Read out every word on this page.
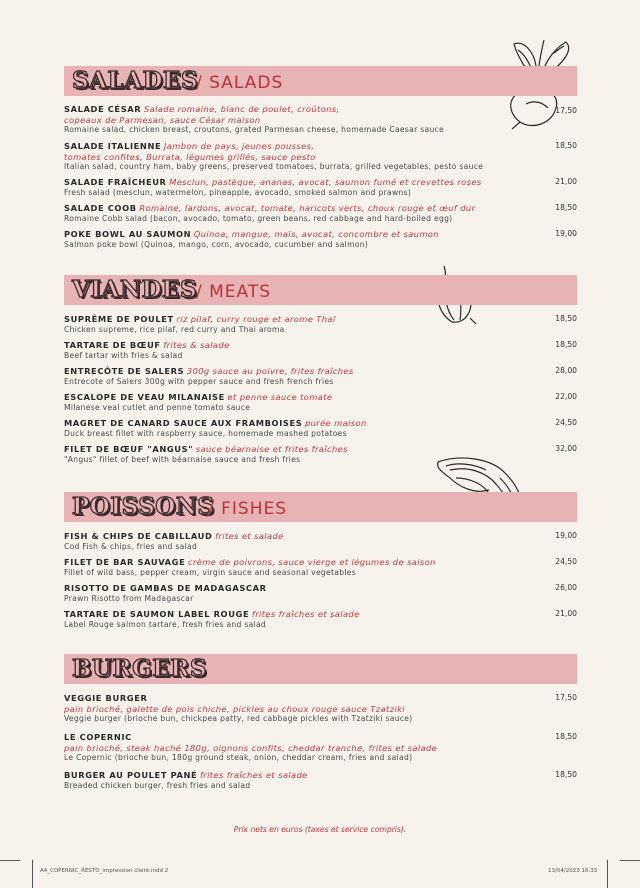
SALADES
/ SALADS
SALADE CÉSAR Salade romaine, blanc de poulet, croûtons,
copeaux de Parmesan, sauce César maison
Romaine salad, chicken breast, croutons, grated Parmesan cheese, homemade Caesar sauce
17,50
SALADE ITALIENNE Jambon de pays, jeunes pousses,
tomates confites, Burrata, légumes grillés, sauce pesto
Italian salad, country ham, baby greens, preserved tomatoes, burrata, grilled vegetables, pesto sauce
18,50
SALADE FRAÎCHEUR Mesclun, pastèque, ananas, avocat, saumon fumé et crevettes roses
Fresh salad (mesclun, watermelon, pineapple, avocado, smoked salmon and prawns)
21,00
SALADE COOB Romaine, lardons, avocat, tomate, haricots verts, choux rouge et œuf dur
Romaine Cobb salad (bacon, avocado, tomato, green beans, red cabbage and hard-boiled egg)
18,50
POKE BOWL AU SAUMON Quinoa, mangue, maïs, avocat, concombre et saumon
Salmon poke bowl (Quinoa, mango, corn, avocado, cucumber and salmon)
19,00
VIANDES
/ MEATS
SUPRÊME DE POULET riz pilaf, curry rouge et arome Thaï
Chicken supreme, rice pilaf, red curry and Thai aroma
18,50
TARTARE DE BŒUF frites & salade
Beef tartar with fries & salad
18,50
ENTRECÔTE DE SALERS 300g sauce au poivre, frites fraîches
Entrecote of Salers 300g with pepper sauce and fresh french fries
28,00
ESCALOPE DE VEAU MILANAISE et penne sauce tomate
Milanese veal cutlet and penne tomato sauce
22,00
MAGRET DE CANARD SAUCE AUX FRAMBOISES purée maison
Duck breast fillet with raspberry sauce, homemade mashed potatoes
24,50
FILET DE BŒUF "ANGUS" sauce béarnaise et frites fraîches
"Angus" fillet of beef with béarnaise sauce and fresh fries
32,00
POISSONS
/ FISHES
FISH & CHIPS DE CABILLAUD frites et salade
Cod Fish & chips, fries and salad
19,00
FILET DE BAR SAUVAGE crème de poivrons, sauce vierge et légumes de saison
Fillet of wild bass, pepper cream, virgin sauce and seasonal vegetables
24,50
RISOTTO DE GAMBAS DE MADAGASCAR
Prawn Risotto from Madagascar
26,00
TARTARE DE SAUMON LABEL ROUGE frites fraîches et salade
Label Rouge salmon tartare, fresh fries and salad
21,00
BURGERS
VEGGIE BURGER
pain brioché, galette de pois chiche, pickles au choux rouge sauce Tzatziki
Veggie burger (brioche bun, chickpea patty, red cabbage pickles with Tzatziki sauce)
17,50
LE COPERNIC
pain brioché, steak haché 180g, oignons confits, cheddar tranche, frites et salade
Le Copernic (brioche bun, 180g ground steak, onion, cheddar cream, fries and salad)
18,50
BURGER AU POULET PANÉ frites fraîches et salade
Breaded chicken burger, fresh fries and salad
18,50
Prix nets en euros (taxes et service compris).
A4_COPERNIC_RESTO_impression client.indd 2	13/04/2023 16:33
